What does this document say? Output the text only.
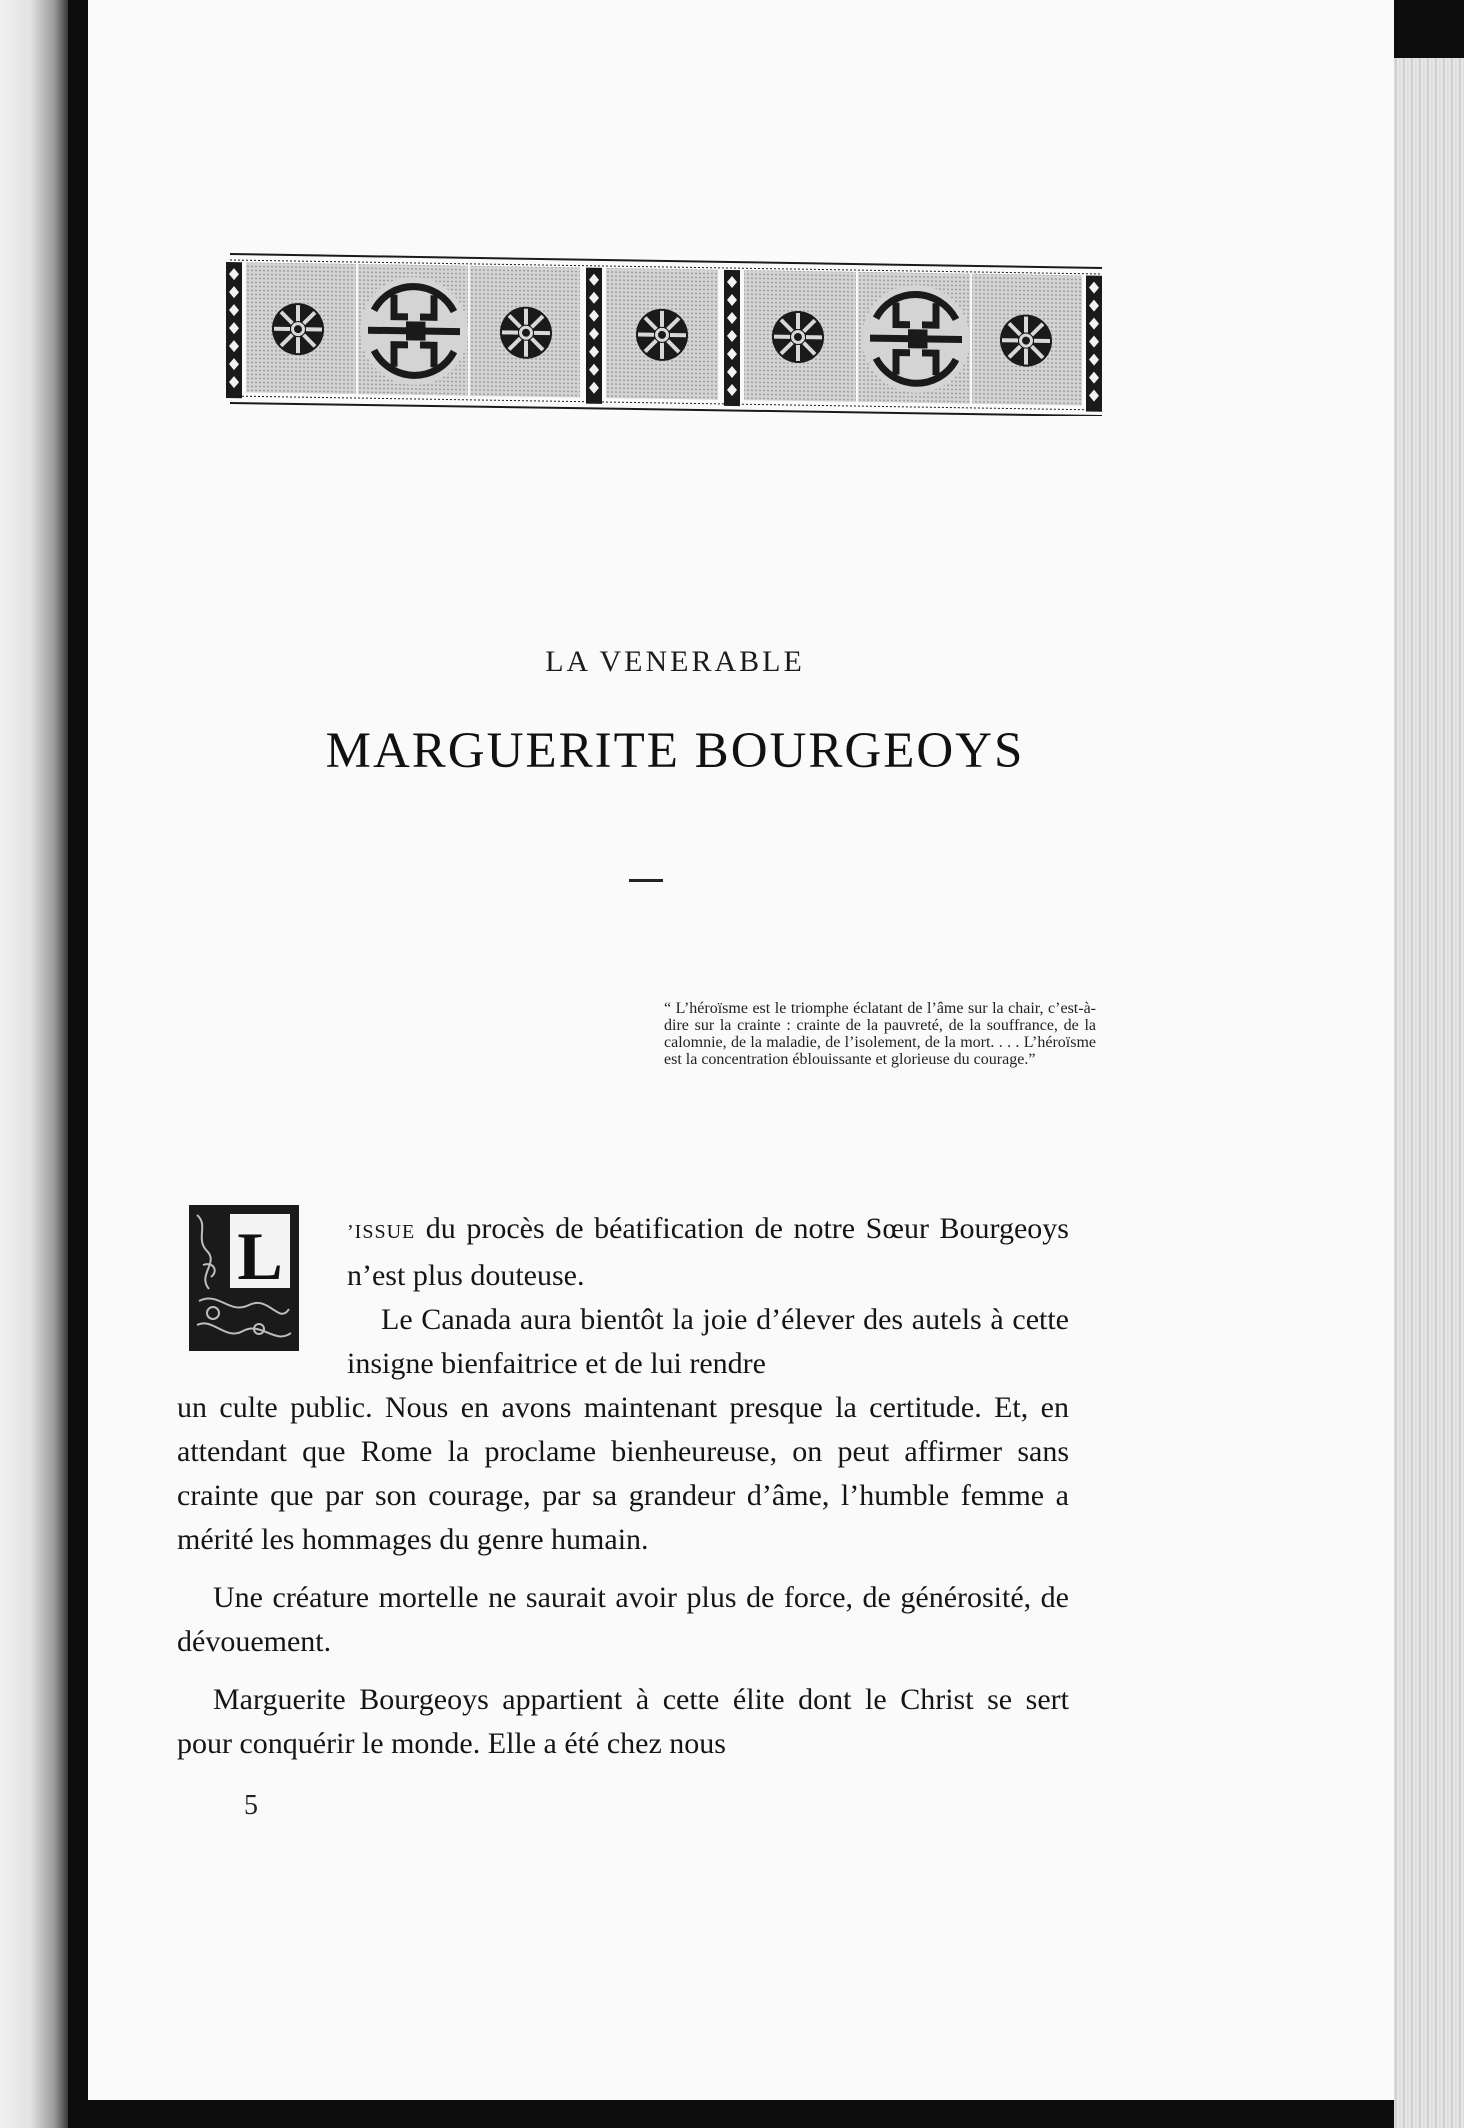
LA VENERABLE
MARGUERITE BOURGEOYS
“ L’héroïsme est le triomphe éclatant de l’âme sur la chair, c’est-à-dire sur la crainte : crainte de la pauvreté, de la souffrance, de la calomnie, de la maladie, de l’isolement, de la mort. . . . L’héroïsme est la concentration éblouissante et glorieuse du courage.”
L	’ISSUE du procès de béatification de notre Sœur Bourgeoys n’est plus douteuse.

Le Canada aura bientôt la joie d’élever des autels à cette insigne bienfaitrice et de lui rendre

un culte public. Nous en avons maintenant presque la certitude. Et, en attendant que Rome la proclame bienheureuse, on peut affirmer sans crainte que par son courage, par sa grandeur d’âme, l’humble femme a mérité les hommages du genre humain.

Une créature mortelle ne saurait avoir plus de force, de générosité, de dévouement.

Marguerite Bourgeoys appartient à cette élite dont le Christ se sert pour conquérir le monde. Elle a été chez nous

5
